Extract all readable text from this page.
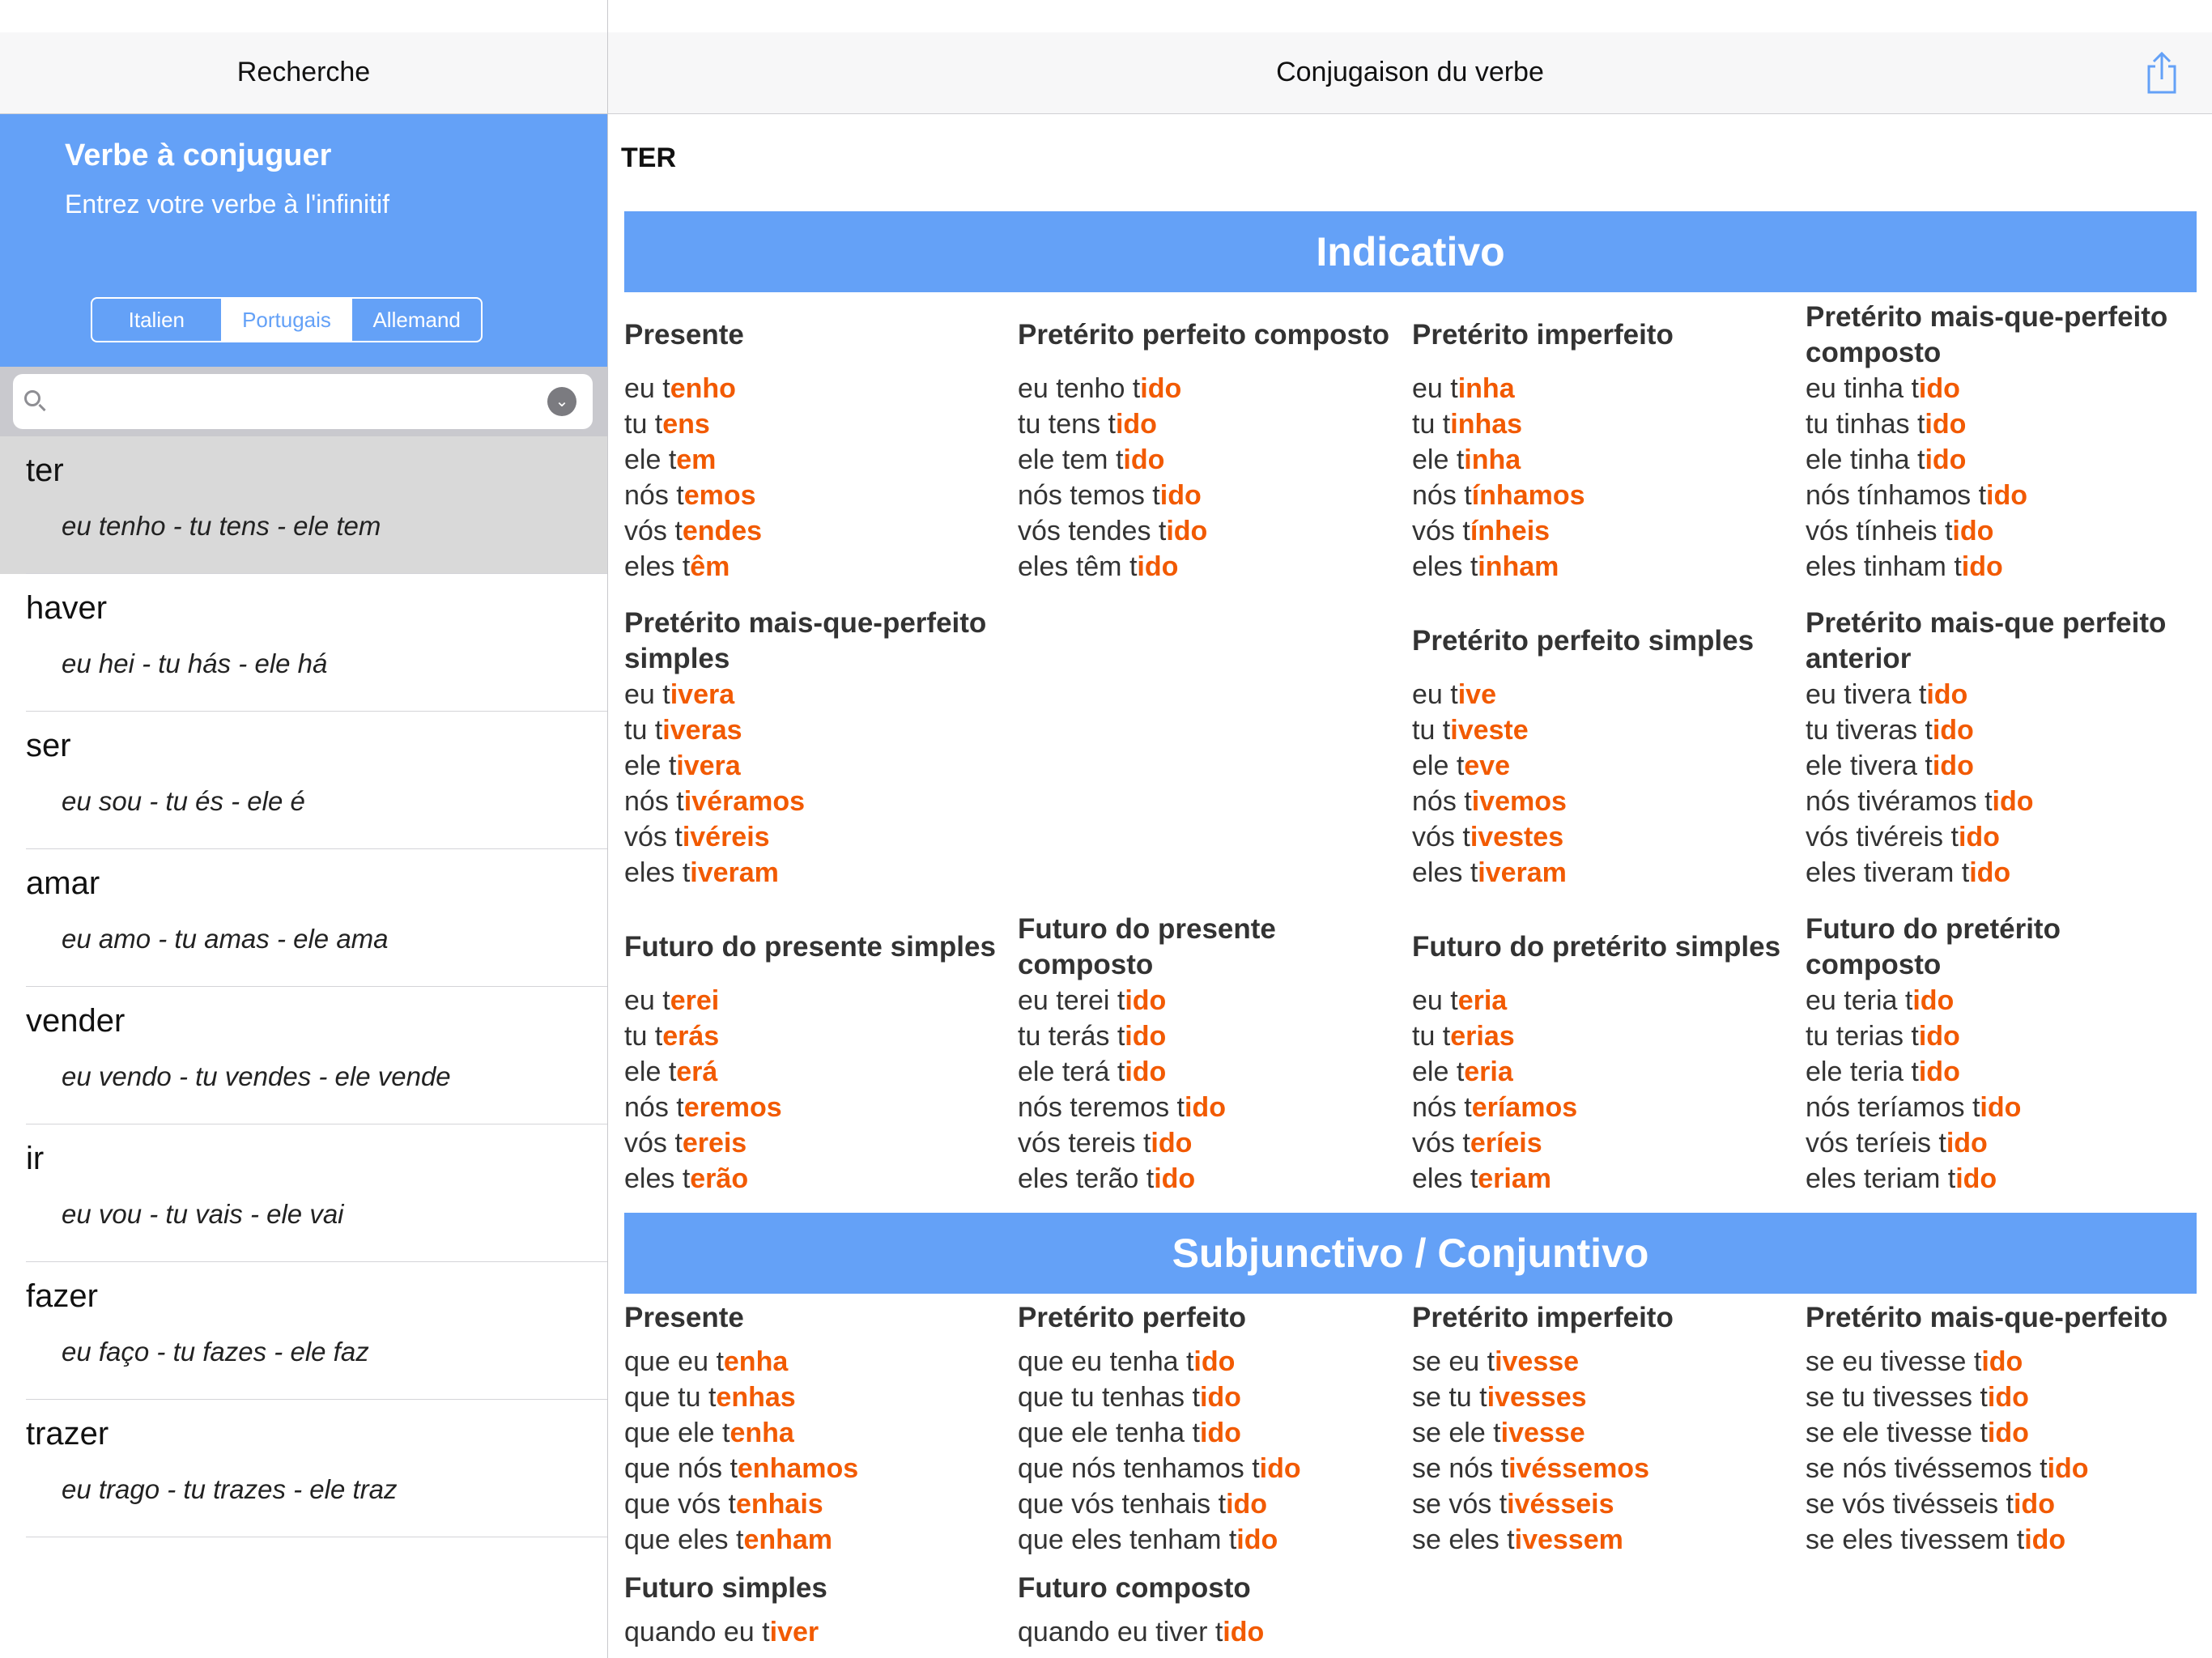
Recherche
Verbe à conjuguer
Entrez votre verbe à l'infinitif
Italien	Portugais	Allemand
⌄
ter
eu tenho - tu tens - ele tem
haver
eu hei - tu hás - ele há
ser
eu sou - tu és - ele é
amar
eu amo - tu amas - ele ama
vender
eu vendo - tu vendes - ele vende
ir
eu vou - tu vais - ele vai
fazer
eu faço - tu fazes - ele faz
trazer
eu trago - tu trazes - ele traz
Conjugaison du verbe
TER
Indicativo
Presente
eu tenho
tu tens
ele tem
nós temos
vós tendes
eles têm
Pretérito perfeito composto
eu tenho tido
tu tens tido
ele tem tido
nós temos tido
vós tendes tido
eles têm tido
Pretérito imperfeito
eu tinha
tu tinhas
ele tinha
nós tínhamos
vós tínheis
eles tinham
Pretérito mais-que-perfeito composto
eu tinha tido
tu tinhas tido
ele tinha tido
nós tínhamos tido
vós tínheis tido
eles tinham tido
Pretérito mais-que-perfeito simples
eu tivera
tu tiveras
ele tivera
nós tivéramos
vós tivéreis
eles tiveram
Pretérito perfeito simples
eu tive
tu tiveste
ele teve
nós tivemos
vós tivestes
eles tiveram
Pretérito mais-que perfeito anterior
eu tivera tido
tu tiveras tido
ele tivera tido
nós tivéramos tido
vós tivéreis tido
eles tiveram tido
Futuro do presente simples
eu terei
tu terás
ele terá
nós teremos
vós tereis
eles terão
Futuro do presente composto
eu terei tido
tu terás tido
ele terá tido
nós teremos tido
vós tereis tido
eles terão tido
Futuro do pretérito simples
eu teria
tu terias
ele teria
nós teríamos
vós teríeis
eles teriam
Futuro do pretérito composto
eu teria tido
tu terias tido
ele teria tido
nós teríamos tido
vós teríeis tido
eles teriam tido
Subjunctivo / Conjuntivo
Presente
que eu tenha
que tu tenhas
que ele tenha
que nós tenhamos
que vós tenhais
que eles tenham
Pretérito perfeito
que eu tenha tido
que tu tenhas tido
que ele tenha tido
que nós tenhamos tido
que vós tenhais tido
que eles tenham tido
Pretérito imperfeito
se eu tivesse
se tu tivesses
se ele tivesse
se nós tivéssemos
se vós tivésseis
se eles tivessem
Pretérito mais-que-perfeito
se eu tivesse tido
se tu tivesses tido
se ele tivesse tido
se nós tivéssemos tido
se vós tivésseis tido
se eles tivessem tido
Futuro simples
quando eu tiver
Futuro composto
quando eu tiver tido
